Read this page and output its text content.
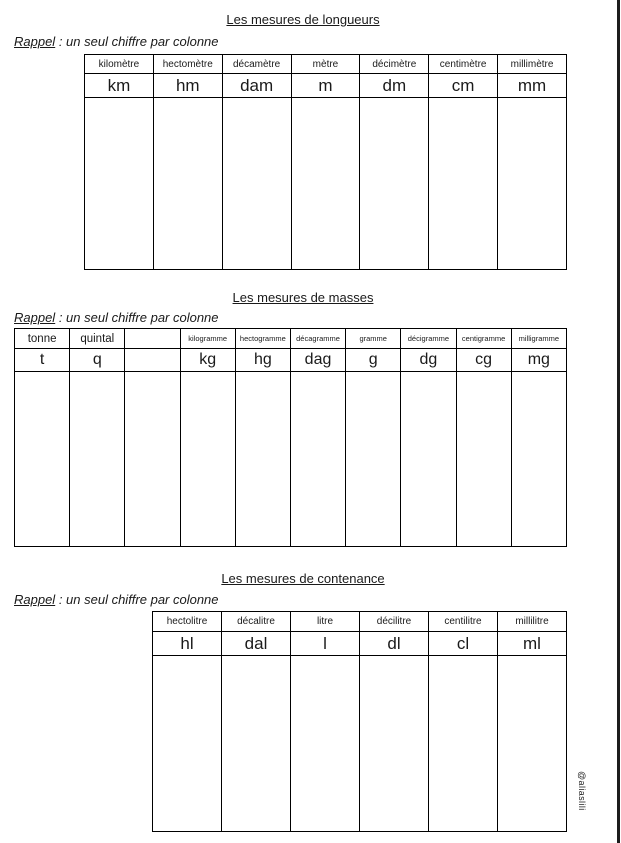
Les mesures de longueurs
Rappel : un seul chiffre par colonne
kilomètre	hectomètre	décamètre	mètre	décimètre	centimètre	millimètre
km	hm	dam	m	dm	cm	mm

Les mesures de masses
Rappel : un seul chiffre par colonne
tonne	quintal		kilogramme	hectogramme	décagramme	gramme	décigramme	centigramme	milligramme
t	q		kg	hg	dag	g	dg	cg	mg

Les mesures de contenance
Rappel : un seul chiffre par colonne
hectolitre	décalitre	litre	décilitre	centilitre	millilitre
hl	dal	l	dl	cl	ml

@aliaslili
